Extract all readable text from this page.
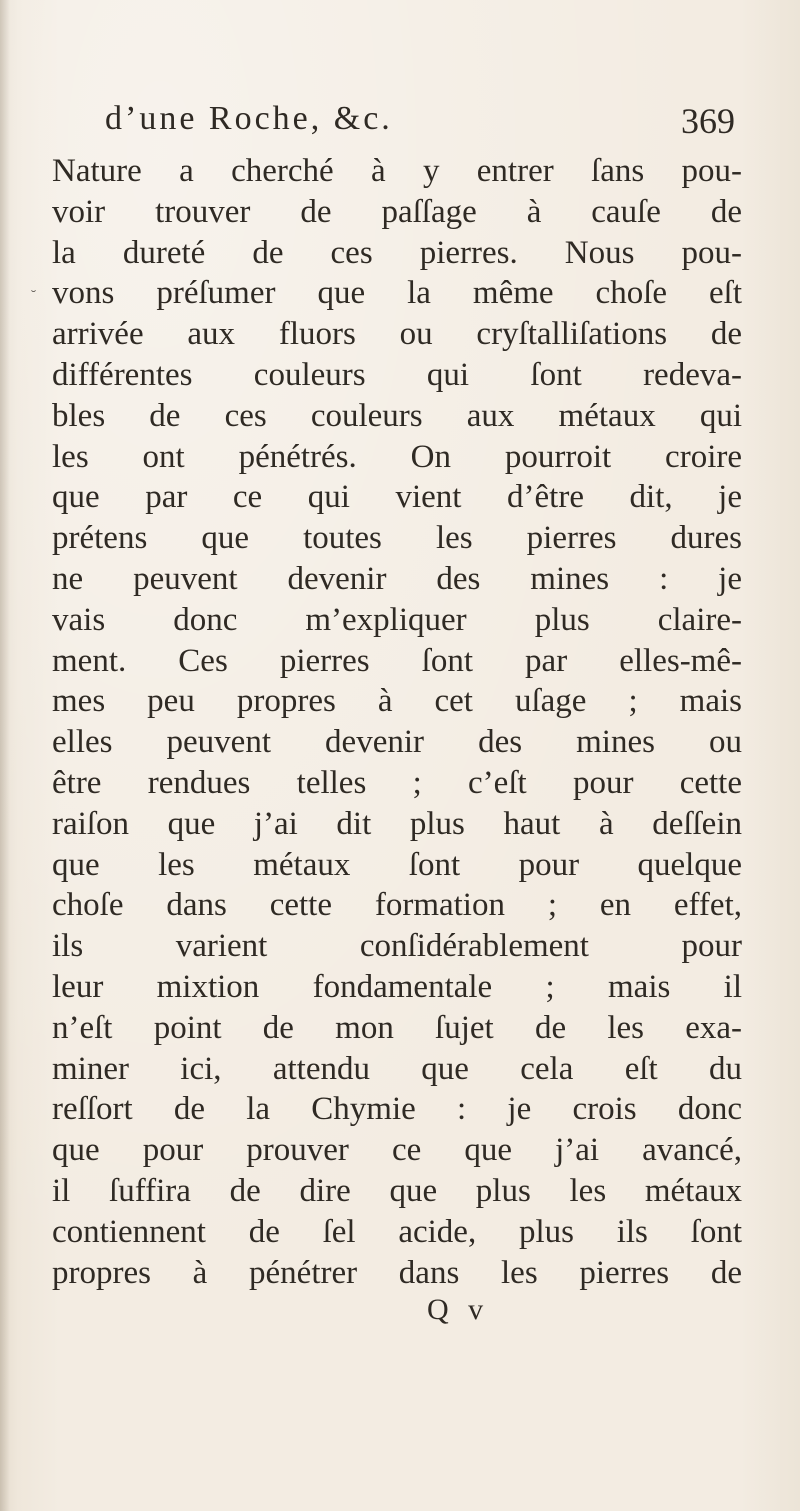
d’une Roche, &c.	369
˘
Nature a cherché à y entrer ſans pou-
voir trouver de paſſage à cauſe de
la dureté de ces pierres. Nous pou-
vons préſumer que la même choſe eſt
arrivée aux fluors ou cryſtalliſations de
différentes couleurs qui ſont redeva-
bles de ces couleurs aux métaux qui
les ont pénétrés. On pourroit croire
que par ce qui vient d’être dit, je
prétens que toutes les pierres dures
ne peuvent devenir des mines : je
vais donc m’expliquer plus claire-
ment. Ces pierres ſont par elles-mê-
mes peu propres à cet uſage ; mais
elles peuvent devenir des mines ou
être rendues telles ; c’eſt pour cette
raiſon que j’ai dit plus haut à deſſein
que les métaux ſont pour quelque
choſe dans cette formation ; en effet,
ils varient conſidérablement pour
leur mixtion fondamentale ; mais il
n’eſt point de mon ſujet de les exa-
miner ici, attendu que cela eſt du
reſſort de la Chymie : je crois donc
que pour prouver ce que j’ai avancé,
il ſuffira de dire que plus les métaux
contiennent de ſel acide, plus ils ſont
propres à pénétrer dans les pierres de
Q v
